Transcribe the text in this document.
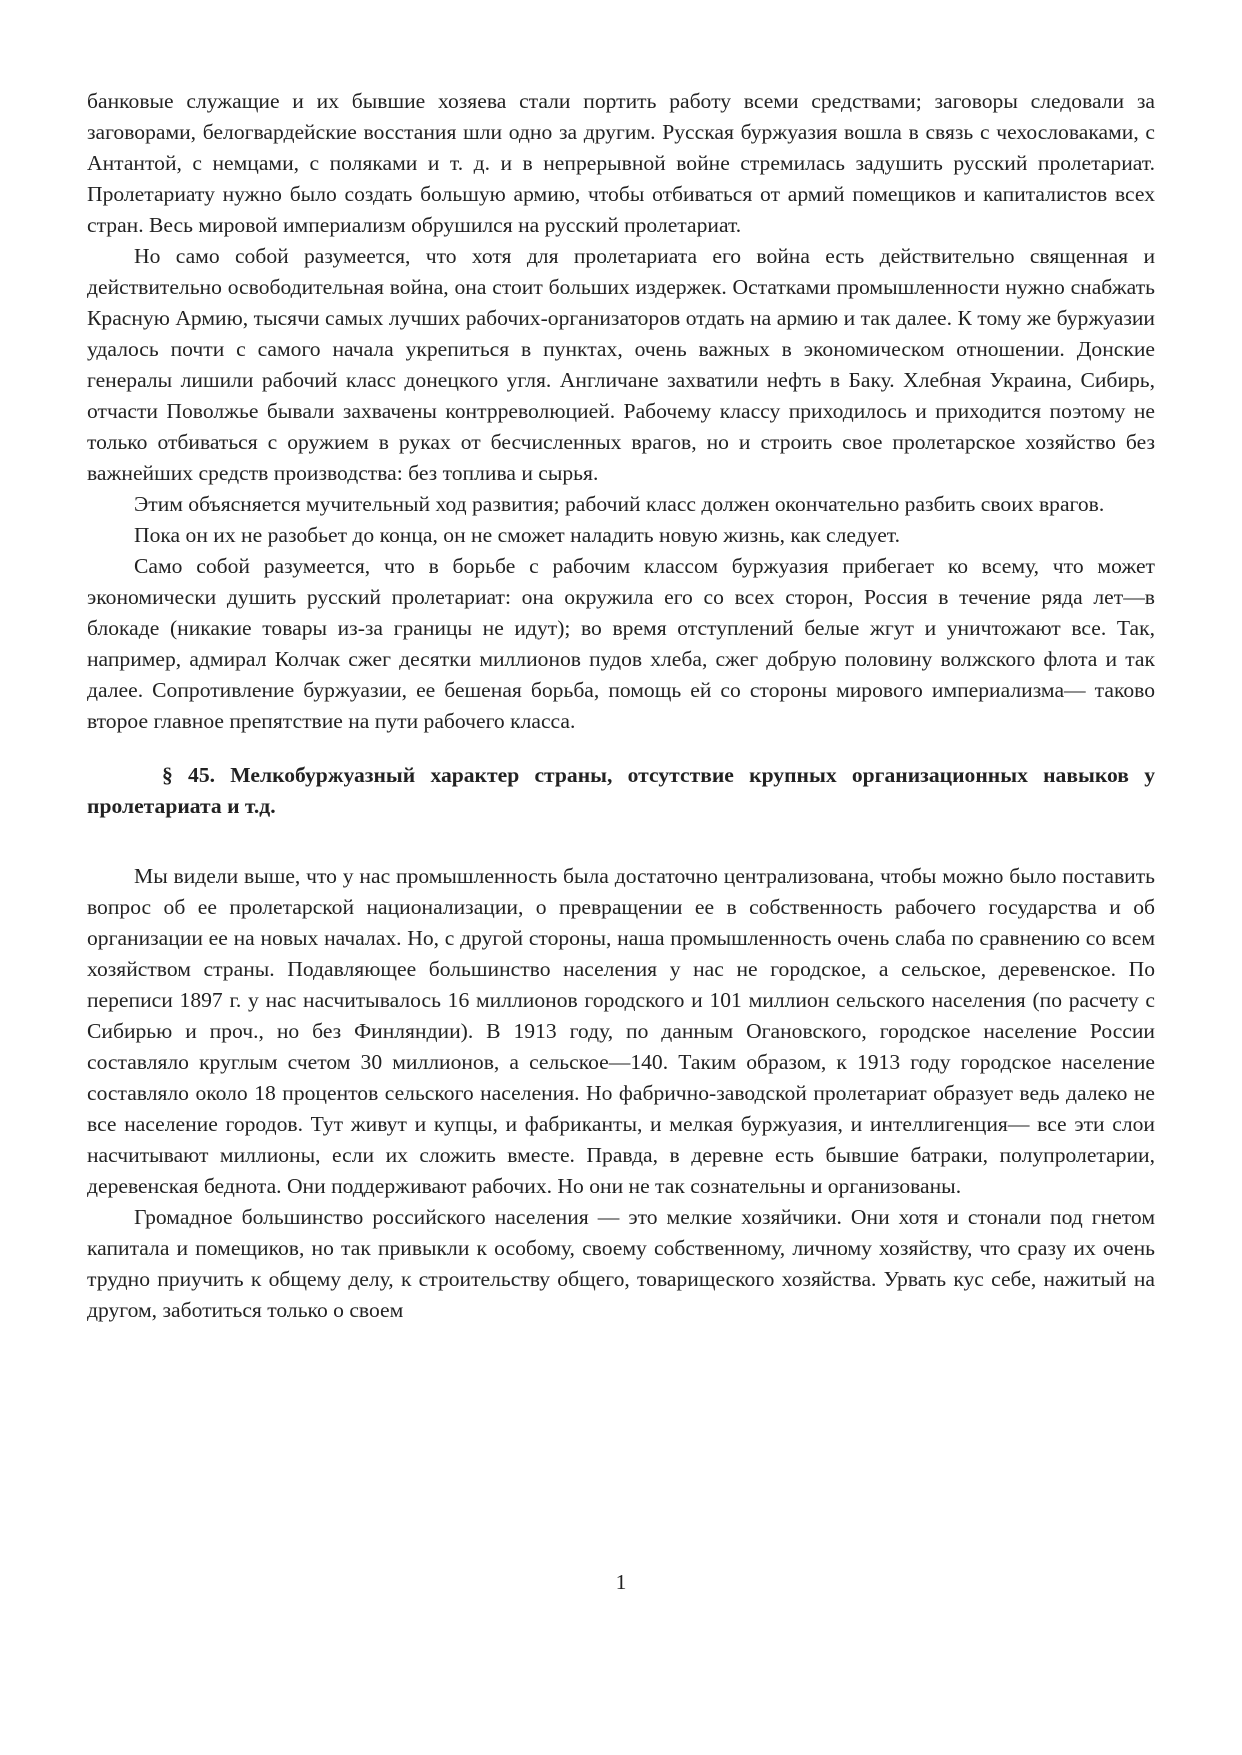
банковые служащие и их бывшие хозяева стали портить работу всеми средствами; заговоры следовали за заговорами, белогвардейские восстания шли одно за другим. Русская буржуазия вошла в связь с чехословаками, с Антантой, с немцами, с поляками и т. д. и в непрерывной войне стремилась задушить русский пролетариат. Пролетариату нужно было создать большую армию, чтобы отбиваться от армий помещиков и капиталистов всех стран. Весь мировой империализм обрушился на русский пролетариат.

Но само собой разумеется, что хотя для пролетариата его война есть действительно священная и действительно освободительная война, она стоит больших издержек. Остатками промышленности нужно снабжать Красную Армию, тысячи самых лучших рабочих-организаторов отдать на армию и так далее. К тому же буржуазии удалось почти с самого начала укрепиться в пунктах, очень важных в экономическом отношении. Донские генералы лишили рабочий класс донецкого угля. Англичане захватили нефть в Баку. Хлебная Украина, Сибирь, отчасти Поволжье бывали захвачены контрреволюцией. Рабочему классу приходилось и приходится поэтому не только отбиваться с оружием в руках от бесчисленных врагов, но и строить свое пролетарское хозяйство без важнейших средств производства: без топлива и сырья.

Этим объясняется мучительный ход развития; рабочий класс должен окончательно разбить своих врагов.

Пока он их не разобьет до конца, он не сможет наладить новую жизнь, как следует.

Само собой разумеется, что в борьбе с рабочим классом буржуазия прибегает ко всему, что может экономически душить русский пролетариат: она окружила его со всех сторон, Россия в течение ряда лет—в блокаде (никакие товары из-за границы не идут); во время отступлений белые жгут и уничтожают все. Так, например, адмирал Колчак сжег десятки миллионов пудов хлеба, сжег добрую половину волжского флота и так далее. Сопротивление буржуазии, ее бешеная борьба, помощь ей со стороны мирового империализма— таково второе главное препятствие на пути рабочего класса.

§ 45. Мелкобуржуазный характер страны, отсутствие крупных организационных навыков у пролетариата и т.д.

Мы видели выше, что у нас промышленность была достаточно централизована, чтобы можно было поставить вопрос об ее пролетарской национализации, о превращении ее в собственность рабочего государства и об организации ее на новых началах. Но, с другой стороны, наша промышленность очень слаба по сравнению со всем хозяйством страны. Подавляющее большинство населения у нас не городское, а сельское, деревенское. По переписи 1897 г. у нас насчитывалось 16 миллионов городского и 101 миллион сельского населения (по расчету с Сибирью и проч., но без Финляндии). В 1913 году, по данным Огановского, городское население России составляло круглым счетом 30 миллионов, а сельское—140. Таким образом, к 1913 году городское население составляло около 18 процентов сельского населения. Но фабрично-заводской пролетариат образует ведь далеко не все население городов. Тут живут и купцы, и фабриканты, и мелкая буржуазия, и интеллигенция— все эти слои насчитывают миллионы, если их сложить вместе. Правда, в деревне есть бывшие батраки, полупролетарии, деревенская беднота. Они поддерживают рабочих. Но они не так сознательны и организованы.

Громадное большинство российского населения — это мелкие хозяйчики. Они хотя и стонали под гнетом капитала и помещиков, но так привыкли к особому, своему собственному, личному хозяйству, что сразу их очень трудно приучить к общему делу, к строительству общего, товарищеского хозяйства. Урвать кус себе, нажитый на другом, заботиться только о своем

1
